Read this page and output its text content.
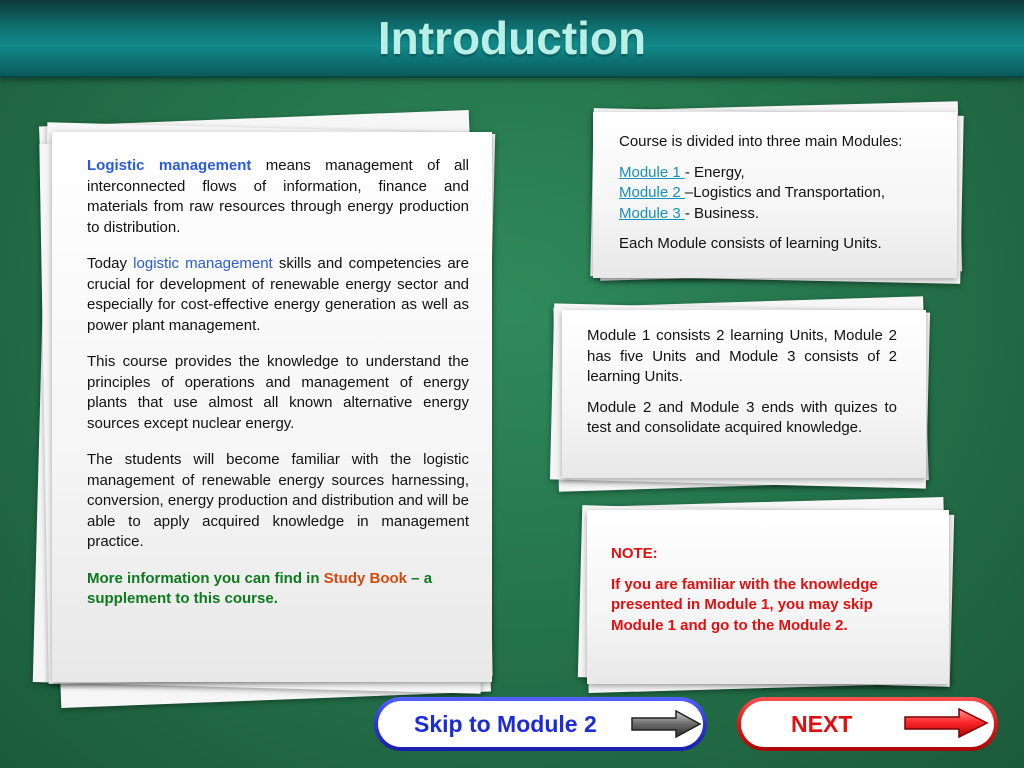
Introduction

Logistic management means management of all interconnected flows of information, finance and materials from raw resources through energy production to distribution.

Today logistic management skills and competencies are crucial for development of renewable energy sector and especially for cost-effective energy generation as well as power plant management.

This course provides the knowledge to understand the principles of operations and management of energy plants that use almost all known alternative energy sources except nuclear energy.

The students will become familiar with the logistic management of renewable energy sources harnessing, conversion, energy production and distribution and will be able to apply acquired knowledge in management practice.

More information you can find in Study Book – a supplement to this course.

Course is divided into three main Modules:

Module 1 - Energy,
Module 2 –Logistics and Transportation,
Module 3 - Business.
Each Module consists of learning Units.

Module 1 consists 2 learning Units, Module 2 has five Units and Module 3 consists of 2 learning Units.

Module 2 and Module 3 ends with quizes to test and consolidate acquired knowledge.

NOTE:

If you are familiar with the knowledge presented in Module 1, you may skip Module 1 and go to the Module 2.

Skip to Module 2	NEXT
